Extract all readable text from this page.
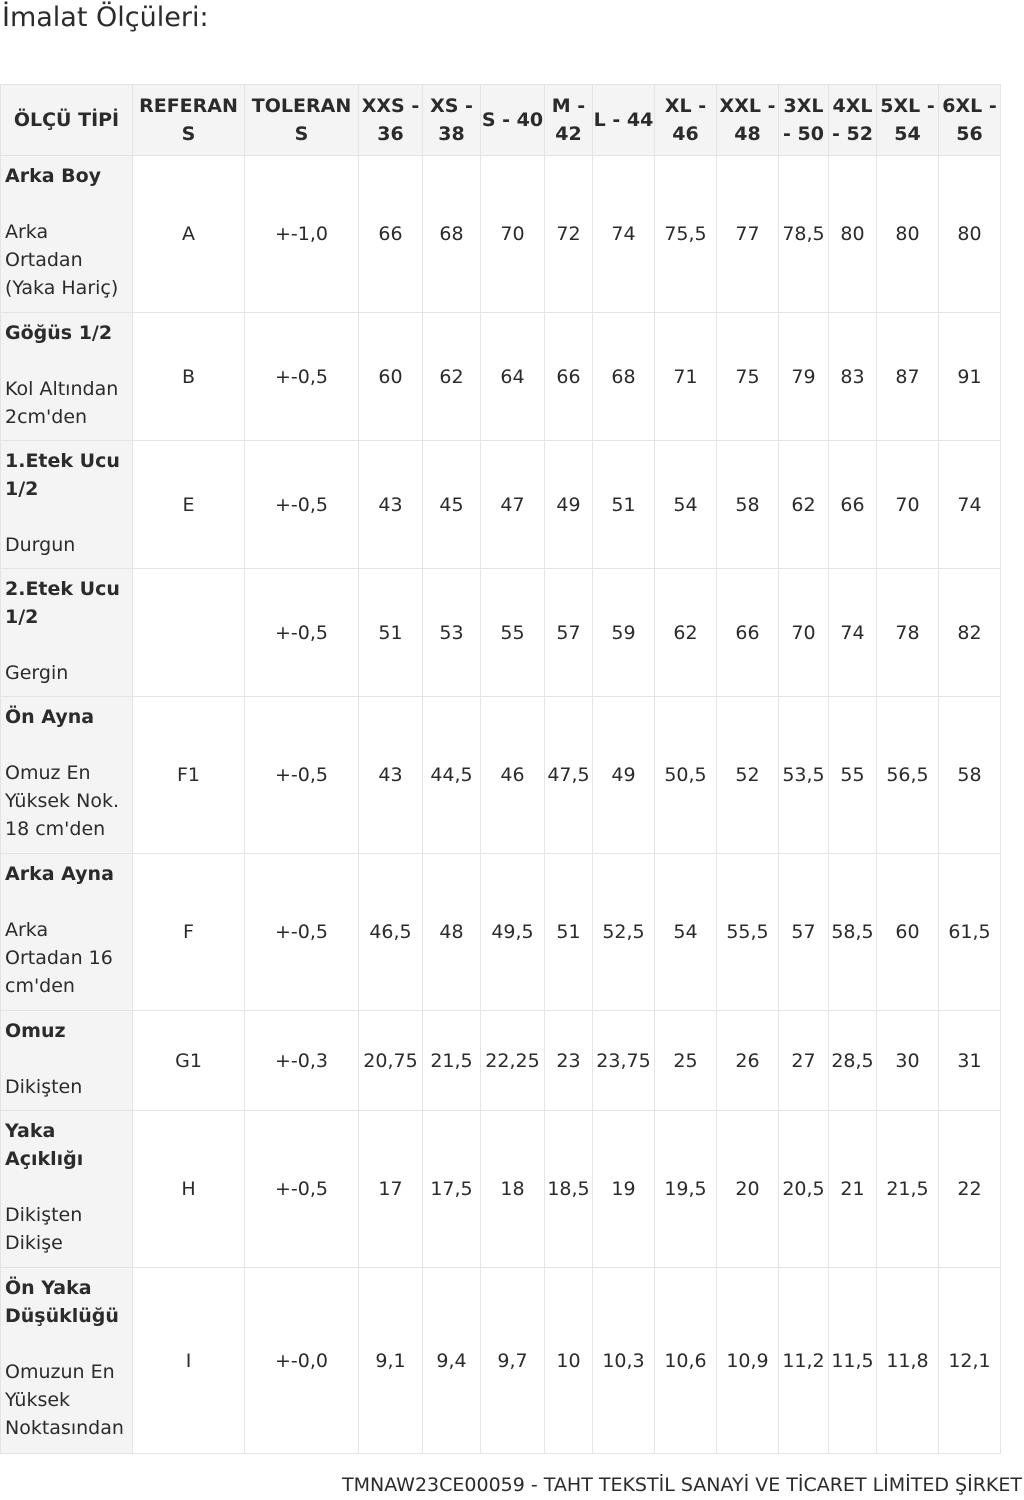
İmalat Ölçüleri:
ÖLÇÜ TİPİ	REFERANS	TOLERANS	XXS - 36	XS - 38	S - 40	M - 42	L - 44	XL - 46	XXL - 48	3XL - 50	4XL - 52	5XL - 54	6XL - 56

Arka Boy
Arka Ortadan (Yaka Hariç)	A	+-1,0	66	68	70	72	74	75,5	77	78,5	80	80	80

Göğüs 1/2
Kol Altından 2cm'den	B	+-0,5	60	62	64	66	68	71	75	79	83	87	91

1.Etek Ucu 1/2
Durgun	E	+-0,5	43	45	47	49	51	54	58	62	66	70	74

2.Etek Ucu 1/2
Gergin		+-0,5	51	53	55	57	59	62	66	70	74	78	82

Ön Ayna
Omuz En Yüksek Nok. 18 cm'den	F1	+-0,5	43	44,5	46	47,5	49	50,5	52	53,5	55	56,5	58

Arka Ayna
Arka Ortadan 16 cm'den	F	+-0,5	46,5	48	49,5	51	52,5	54	55,5	57	58,5	60	61,5

Omuz
Dikişten	G1	+-0,3	20,75	21,5	22,25	23	23,75	25	26	27	28,5	30	31

Yaka Açıklığı
Dikişten Dikişe	H	+-0,5	17	17,5	18	18,5	19	19,5	20	20,5	21	21,5	22

Ön Yaka Düşüklüğü
Omuzun En Yüksek Noktasından	I	+-0,0	9,1	9,4	9,7	10	10,3	10,6	10,9	11,2	11,5	11,8	12,1
TMNAW23CE00059 - TAHT TEKSTİL SANAYİ VE TİCARET LİMİTED ŞİRKET
